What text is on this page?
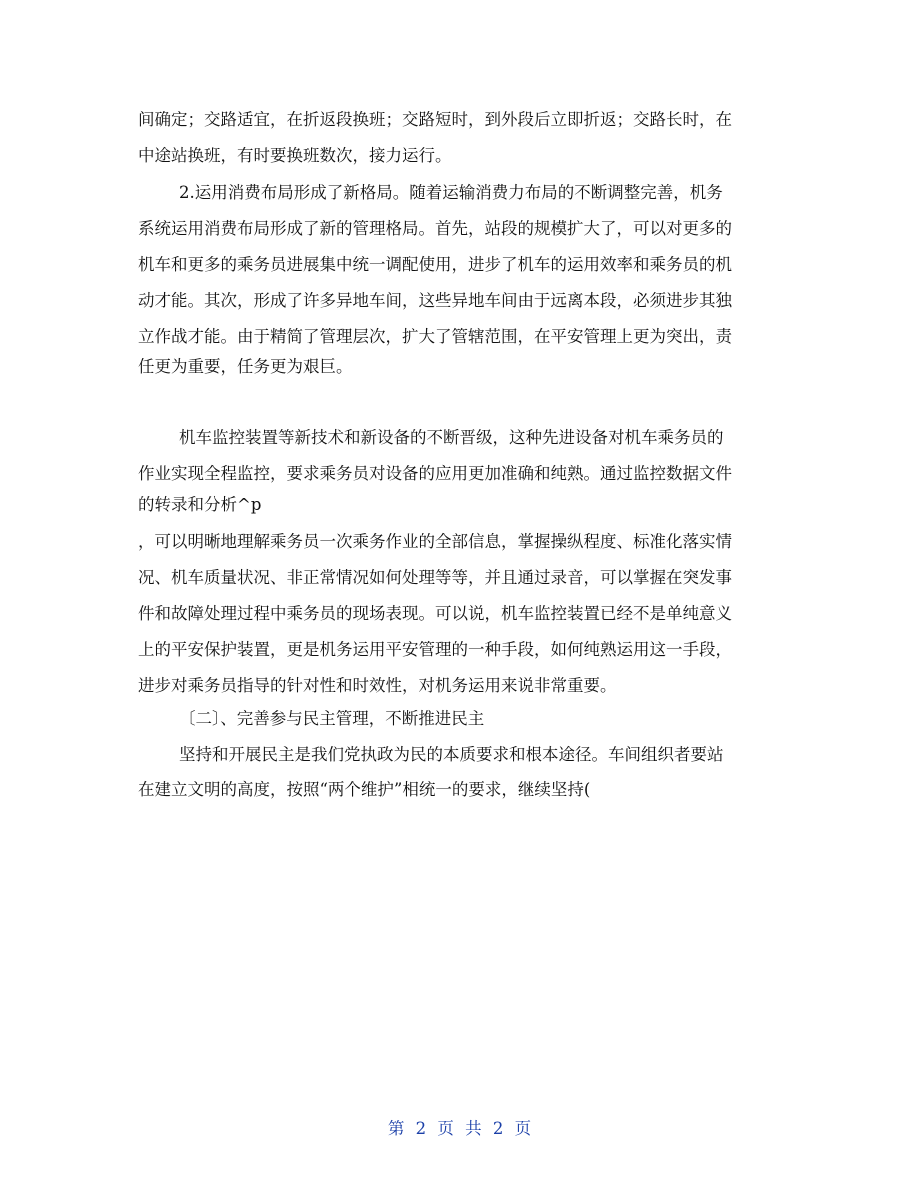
间确定；交路适宜，在折返段换班；交路短时，到外段后立即折返；交路长时，在
中途站换班，有时要换班数次，接力运行。
2.运用消费布局形成了新格局。随着运输消费力布局的不断调整完善，机务
系统运用消费布局形成了新的管理格局。首先，站段的规模扩大了，可以对更多的
机车和更多的乘务员进展集中统一调配使用，进步了机车的运用效率和乘务员的机
动才能。其次，形成了许多异地车间，这些异地车间由于远离本段，必须进步其独
立作战才能。由于精简了管理层次，扩大了管辖范围，在平安管理上更为突出，责
任更为重要，任务更为艰巨。
机车监控装置等新技术和新设备的不断晋级，这种先进设备对机车乘务员的
作业实现全程监控，要求乘务员对设备的应用更加准确和纯熟。通过监控数据文件
的转录和分析^p
，可以明晰地理解乘务员一次乘务作业的全部信息，掌握操纵程度、标准化落实情
况、机车质量状况、非正常情况如何处理等等，并且通过录音，可以掌握在突发事
件和故障处理过程中乘务员的现场表现。可以说，机车监控装置已经不是单纯意义
上的平安保护装置，更是机务运用平安管理的一种手段，如何纯熟运用这一手段，
进步对乘务员指导的针对性和时效性，对机务运用来说非常重要。
〔二〕、完善参与民主管理，不断推进民主
坚持和开展民主是我们党执政为民的本质要求和根本途径。车间组织者要站
在建立文明的高度，按照“两个维护”相统一的要求，继续坚持(
第 2 页 共 2 页
